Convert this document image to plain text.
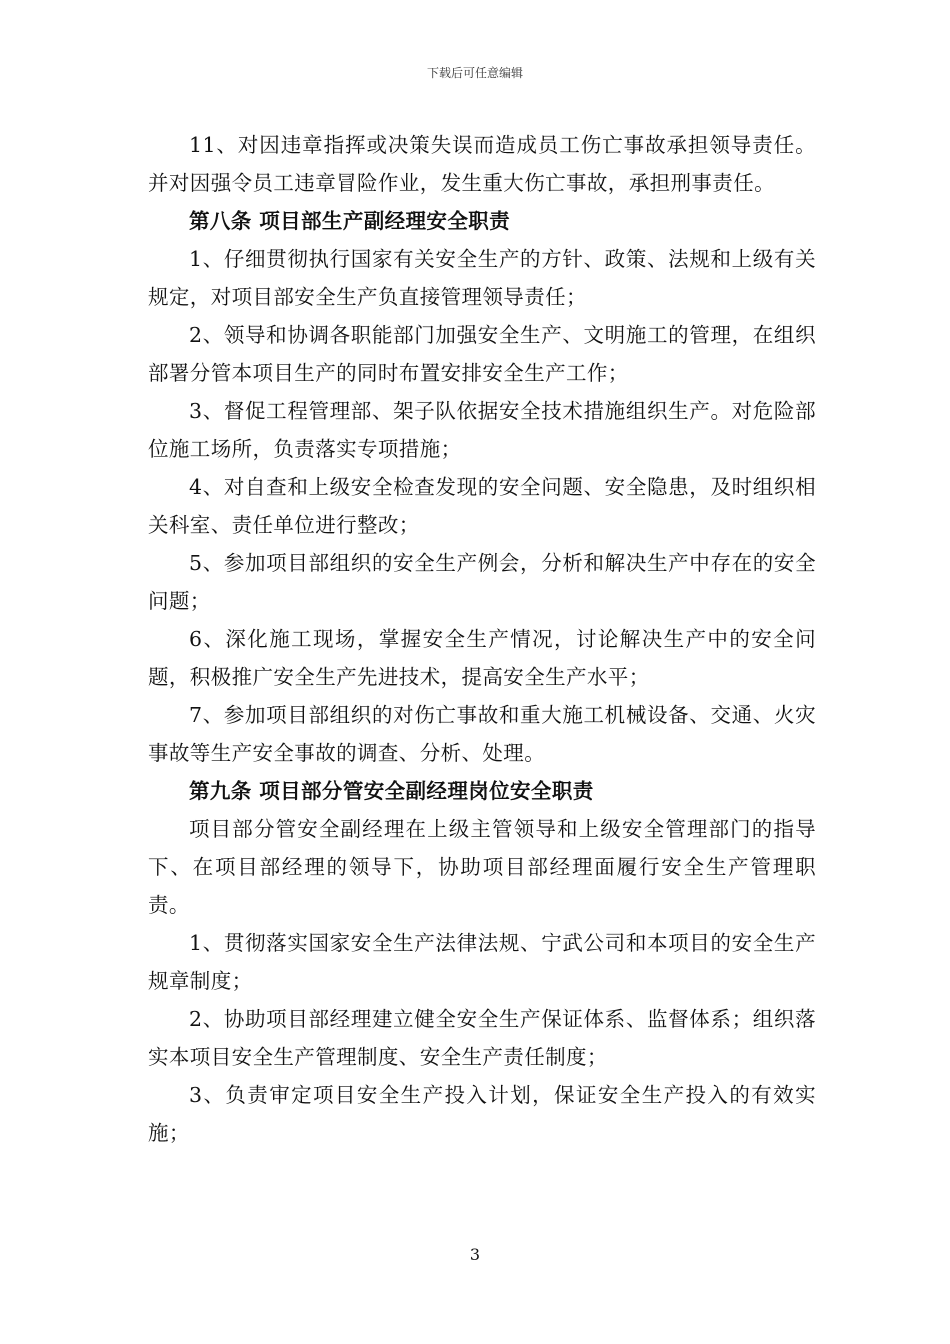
下载后可任意编辑

11、对因违章指挥或决策失误而造成员工伤亡事故承担领导责任。并对因强令员工违章冒险作业，发生重大伤亡事故，承担刑事责任。

第八条 项目部生产副经理安全职责

1、仔细贯彻执行国家有关安全生产的方针、政策、法规和上级有关规定，对项目部安全生产负直接管理领导责任；

2、领导和协调各职能部门加强安全生产、文明施工的管理，在组织部署分管本项目生产的同时布置安排安全生产工作；

3、督促工程管理部、架子队依据安全技术措施组织生产。对危险部位施工场所，负责落实专项措施；

4、对自查和上级安全检查发现的安全问题、安全隐患，及时组织相关科室、责任单位进行整改；

5、参加项目部组织的安全生产例会，分析和解决生产中存在的安全问题；

6、深化施工现场，掌握安全生产情况，讨论解决生产中的安全问题，积极推广安全生产先进技术，提高安全生产水平；

7、参加项目部组织的对伤亡事故和重大施工机械设备、交通、火灾事故等生产安全事故的调查、分析、处理。

第九条 项目部分管安全副经理岗位安全职责

项目部分管安全副经理在上级主管领导和上级安全管理部门的指导下、在项目部经理的领导下，协助项目部经理面履行安全生产管理职责。

1、贯彻落实国家安全生产法律法规、宁武公司和本项目的安全生产规章制度；

2、协助项目部经理建立健全安全生产保证体系、监督体系；组织落实本项目安全生产管理制度、安全生产责任制度；

3、负责审定项目安全生产投入计划，保证安全生产投入的有效实施；

3
